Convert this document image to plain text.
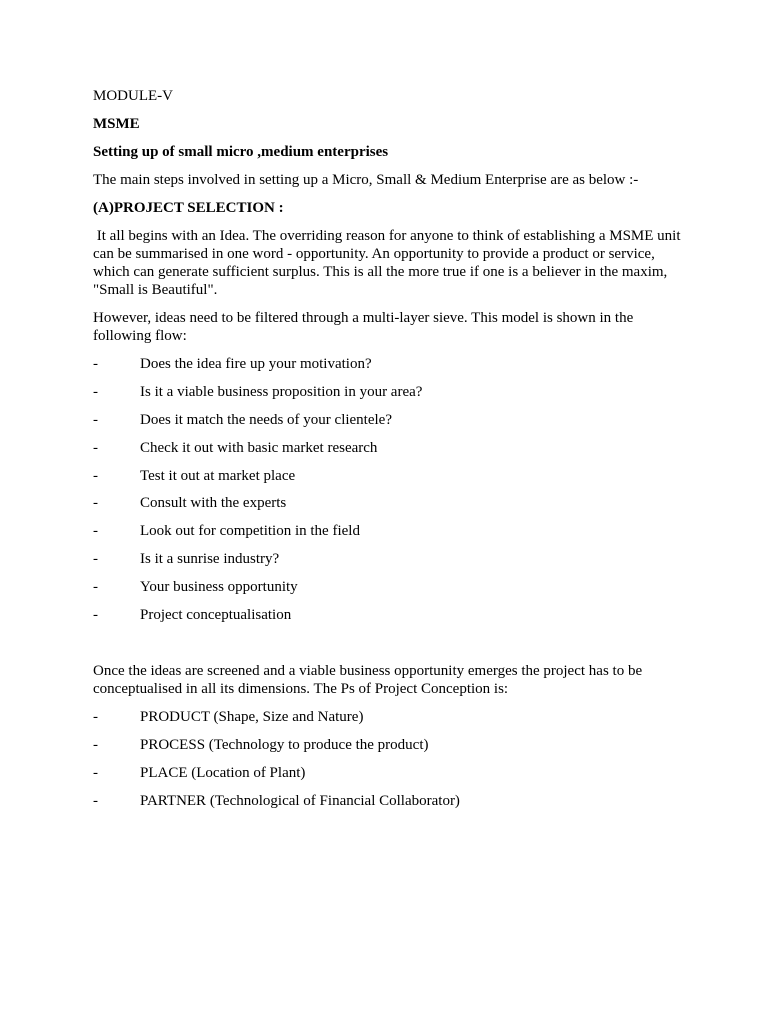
MODULE-V

MSME

Setting up of small micro ,medium enterprises

The main steps involved in setting up a Micro, Small & Medium Enterprise are as below :-

(A)PROJECT SELECTION :

It all begins with an Idea. The overriding reason for anyone to think of establishing a MSME unit can be summarised in one word - opportunity. An opportunity to provide a product or service, which can generate sufficient surplus. This is all the more true if one is a believer in the maxim, "Small is Beautiful".

However, ideas need to be filtered through a multi-layer sieve. This model is shown in the following flow:

-	Does the idea fire up your motivation?
-	Is it a viable business proposition in your area?
-	Does it match the needs of your clientele?
-	Check it out with basic market research
-	Test it out at market place
-	Consult with the experts
-	Look out for competition in the field
-	Is it a sunrise industry?
-	Your business opportunity
-	Project conceptualisation

Once the ideas are screened and a viable business opportunity emerges the project has to be conceptualised in all its dimensions. The Ps of Project Conception is:

-	PRODUCT (Shape, Size and Nature)
-	PROCESS (Technology to produce the product)
-	PLACE (Location of Plant)
-	PARTNER (Technological of Financial Collaborator)
